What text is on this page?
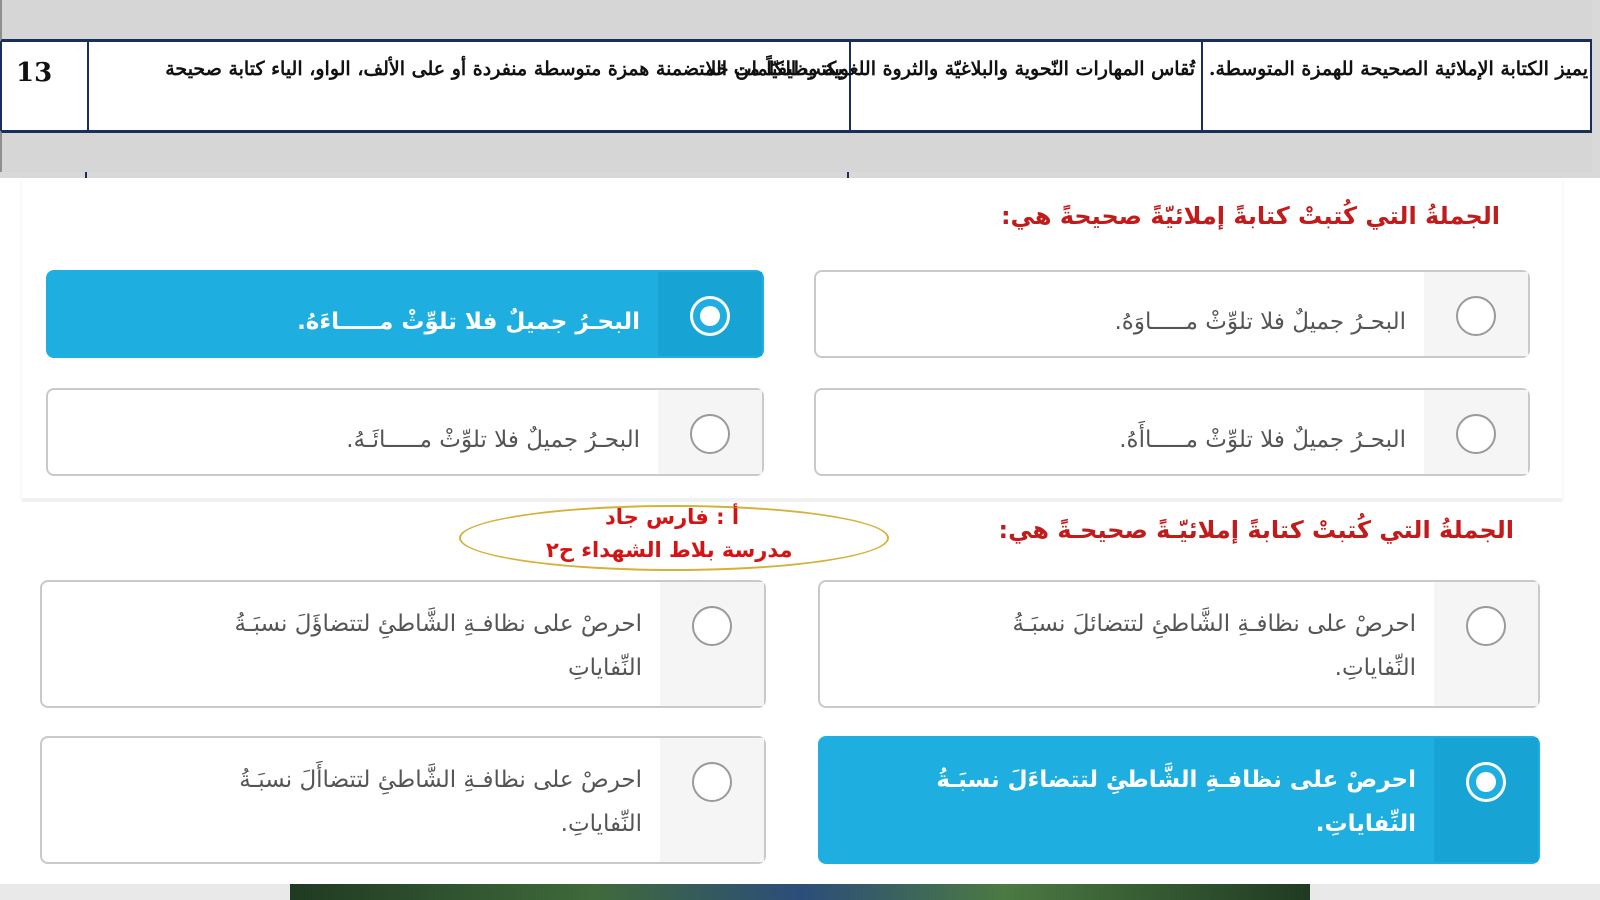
13	يكتب الكلمات المتضمنة همزة متوسطة منفردة أو على الألف، الواو، الياء كتابة صحيحة
تُقاس المهارات النّحوية والبلاغيّة والثروة اللغوية وظيفيّاً من خلا يميز الكتابة الإملائية الصحيحة للهمزة المتوسطة.
الجملةُ التي كُتبتْ كتابةً إملائيّةً صحيحةً هي:
البحـرُ جميلٌ فلا تلوِّثْ مـــــاوَهُ.
البحـرُ جميلٌ فلا تلوِّثْ مـــــاءَهُ.
البحـرُ جميلٌ فلا تلوِّثْ مـــــاأَهُ.
البحـرُ جميلٌ فلا تلوِّثْ مـــــائَـهُ.
الجملةُ التي كُتبتْ كتابةً إملائيّـةً صحيحـةً هي:
احرصْ على نظافـةِ الشَّاطئِ لتتضائلَ نسبَـةُ النِّفاياتِ.
احرصْ على نظافـةِ الشَّاطئِ لتتضاؤَلَ نسبَـةُ النِّفاياتِ
احرصْ على نظافـةِ الشَّاطئِ لتتضاءَلَ نسبَـةُ النِّفاياتِ.
احرصْ على نظافـةِ الشَّاطئِ لتتضاأَلَ نسبَـةُ النِّفاياتِ.
أ : فارس جاد
مدرسة بلاط الشهداء ح٢
